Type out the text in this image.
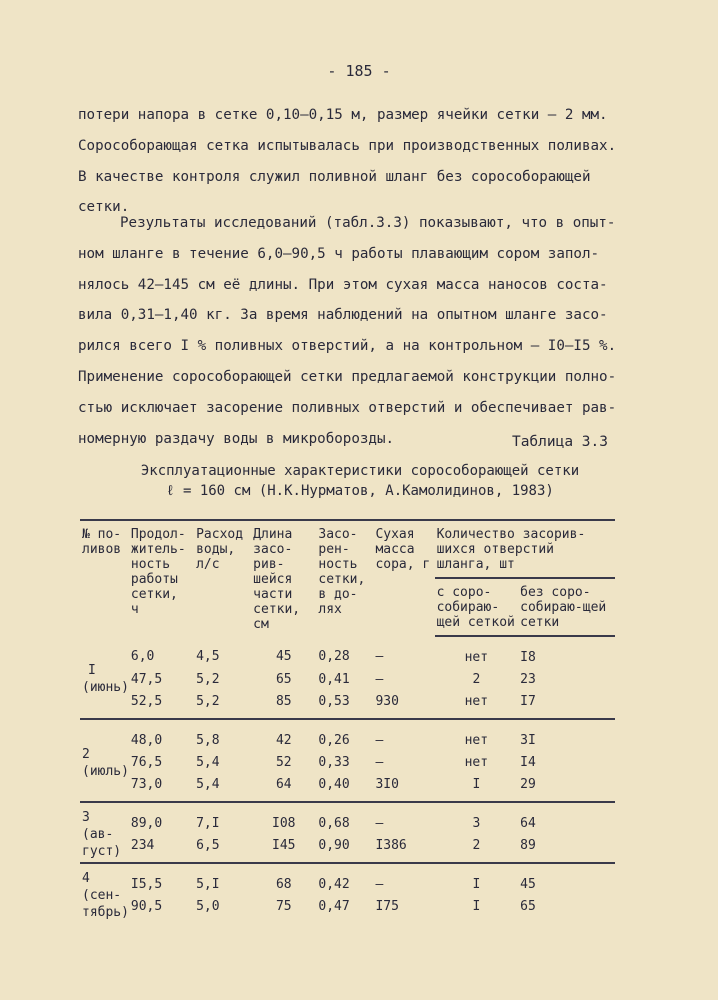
- 185 -
потери напора в сетке 0,10–0,15 м, размер ячейки сетки – 2 мм.
Сорособорающая сетка испытывалась при производственных поливах.
В качестве контроля служил поливной шланг без сорособорающей
сетки.
Результаты исследований (табл.3.3) показывают, что в опыт-
ном шланге в течение 6,0–90,5 ч работы плавающим сором запол-
нялось 42–145 см её длины. При этом сухая масса наносов соста-
вила 0,31–1,40 кг. За время наблюдений на опытном шланге засо-
рился всего I % поливных отверстий, а на контрольном – I0–I5 %.
Применение сорособорающей сетки предлагаемой конструкции полно-
стью исключает засорение поливных отверстий и обеспечивает рав-
номерную раздачу воды в микроборозды.	Таблица 3.3
Эксплуатационные характеристики сорособорающей сетки
ℓ = 160 см (Н.К.Нурматов, А.Камолидинов, 1983)
№ по-ливов	Продол-житель-ность работы сетки, ч	Расход воды, л/с	Длина засо-рив-шейся части сетки, см	Засо-рен-ность сетки, в до-лях	Сухая масса сора, г	Количество засорив-шихся отверстий шланга, шт	
						с соро-собираю-щей сеткой	без соро-собираю-щей сетки

I
(июнь)	6,0	4,5	45	0,28	–	нет	I8
	47,5	5,2	65	0,41	–	2	23
	52,5	5,2	85	0,53	930	нет	I7

2
(июль)	48,0	5,8	42	0,26	–	нет	3I
	76,5	5,4	52	0,33	–	нет	I4
	73,0	5,4	64	0,40	3I0	I	29

3 (ав-
густ)	89,0	7,I	I08	0,68	–	3	64
	234	6,5	I45	0,90	I386	2	89

4
(сен-
тябрь)	I5,5	5,I	68	0,42	–	I	45
	90,5	5,0	75	0,47	I75	I	65
